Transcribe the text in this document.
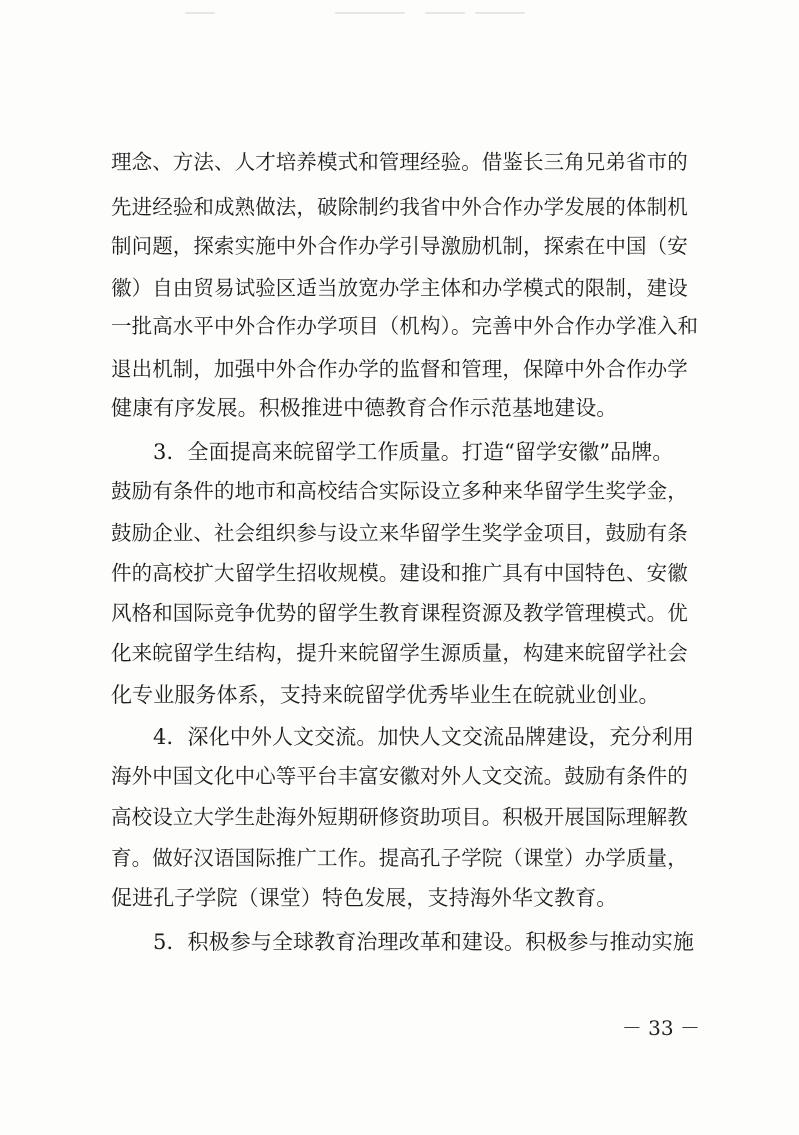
理念、方法、人才培养模式和管理经验。借鉴长三角兄弟省市的
先进经验和成熟做法，破除制约我省中外合作办学发展的体制机
制问题，探索实施中外合作办学引导激励机制，探索在中国（安
徽）自由贸易试验区适当放宽办学主体和办学模式的限制，建设
一批高水平中外合作办学项目（机构）。完善中外合作办学准入和
退出机制，加强中外合作办学的监督和管理，保障中外合作办学
健康有序发展。积极推进中德教育合作示范基地建设。
3．全面提高来皖留学工作质量。打造“留学安徽”品牌。
鼓励有条件的地市和高校结合实际设立多种来华留学生奖学金，
鼓励企业、社会组织参与设立来华留学生奖学金项目，鼓励有条
件的高校扩大留学生招收规模。建设和推广具有中国特色、安徽
风格和国际竞争优势的留学生教育课程资源及教学管理模式。优
化来皖留学生结构，提升来皖留学生源质量，构建来皖留学社会
化专业服务体系，支持来皖留学优秀毕业生在皖就业创业。
4．深化中外人文交流。加快人文交流品牌建设，充分利用
海外中国文化中心等平台丰富安徽对外人文交流。鼓励有条件的
高校设立大学生赴海外短期研修资助项目。积极开展国际理解教
育。做好汉语国际推广工作。提高孔子学院（课堂）办学质量，
促进孔子学院（课堂）特色发展，支持海外华文教育。
5．积极参与全球教育治理改革和建设。积极参与推动实施
－ 33 －
